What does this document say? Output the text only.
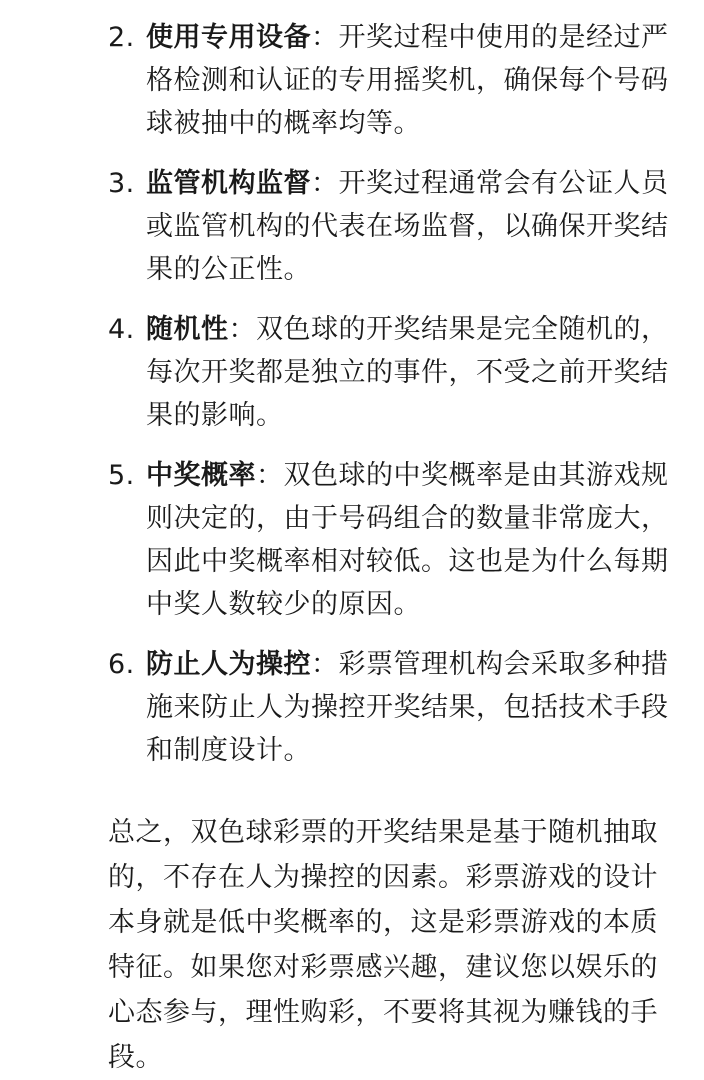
2. 使用专用设备：开奖过程中使用的是经过严格检测和认证的专用摇奖机，确保每个号码球被抽中的概率均等。
3. 监管机构监督：开奖过程通常会有公证人员或监管机构的代表在场监督，以确保开奖结果的公正性。
4. 随机性：双色球的开奖结果是完全随机的，每次开奖都是独立的事件，不受之前开奖结果的影响。
5. 中奖概率：双色球的中奖概率是由其游戏规则决定的，由于号码组合的数量非常庞大，因此中奖概率相对较低。这也是为什么每期中奖人数较少的原因。
6. 防止人为操控：彩票管理机构会采取多种措施来防止人为操控开奖结果，包括技术手段和制度设计。

总之，双色球彩票的开奖结果是基于随机抽取的，不存在人为操控的因素。彩票游戏的设计本身就是低中奖概率的，这是彩票游戏的本质特征。如果您对彩票感兴趣，建议您以娱乐的心态参与，理性购彩，不要将其视为赚钱的手段。
